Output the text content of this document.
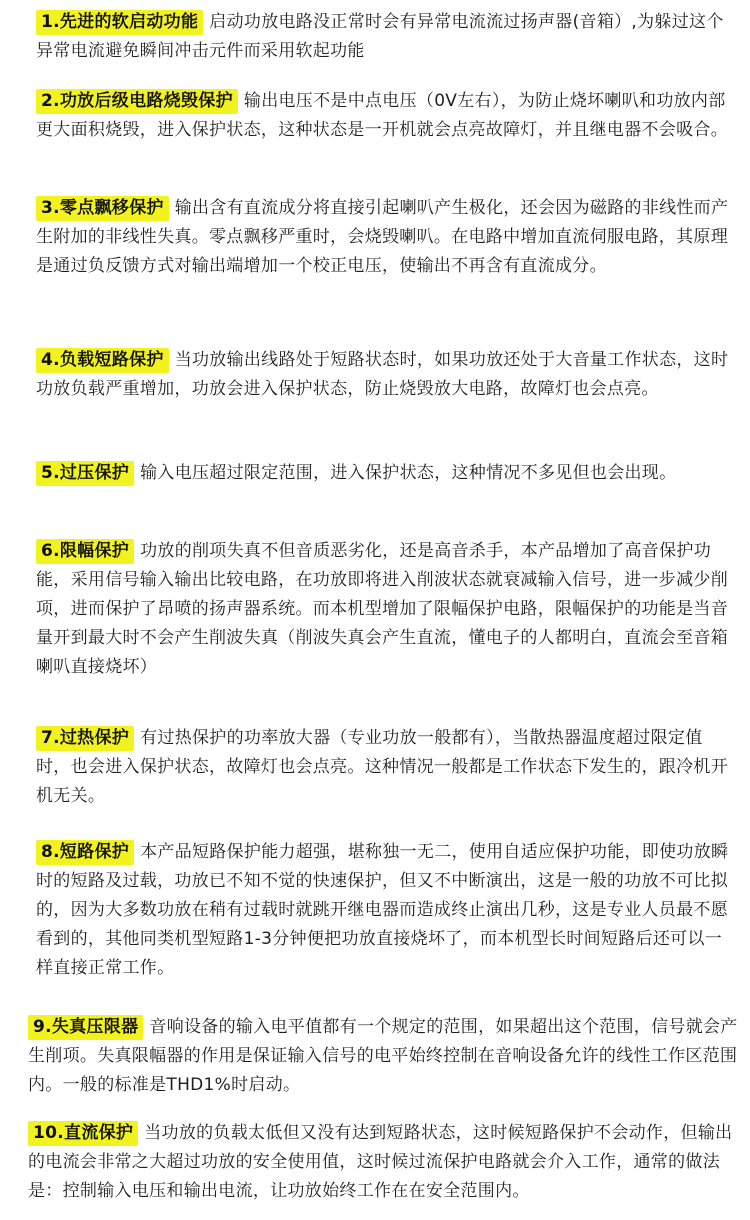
1.先进的软启动功能 启动功放电路没正常时会有异常电流流过扬声器(音箱）,为躲过这个异常电流避免瞬间冲击元件而采用软起功能

2.功放后级电路烧毁保护 输出电压不是中点电压（0V左右），为防止烧坏喇叭和功放内部更大面积烧毁，进入保护状态，这种状态是一开机就会点亮故障灯，并且继电器不会吸合。

3.零点飘移保护 输出含有直流成分将直接引起喇叭产生极化，还会因为磁路的非线性而产生附加的非线性失真。零点飘移严重时，会烧毁喇叭。在电路中增加直流伺服电路，其原理是通过负反馈方式对输出端增加一个校正电压，使输出不再含有直流成分。

4.负载短路保护 当功放输出线路处于短路状态时，如果功放还处于大音量工作状态，这时功放负载严重增加，功放会进入保护状态，防止烧毁放大电路，故障灯也会点亮。

5.过压保护 输入电压超过限定范围，进入保护状态，这种情况不多见但也会出现。

6.限幅保护 功放的削项失真不但音质恶劣化，还是高音杀手，本产品增加了高音保护功能，采用信号输入输出比较电路，在功放即将进入削波状态就衰减输入信号，进一步减少削项，进而保护了昂喷的扬声器系统。而本机型增加了限幅保护电路，限幅保护的功能是当音量开到最大时不会产生削波失真（削波失真会产生直流，懂电子的人都明白，直流会至音箱喇叭直接烧坏）

7.过热保护 有过热保护的功率放大器（专业功放一般都有），当散热器温度超过限定值时，也会进入保护状态，故障灯也会点亮。这种情况一般都是工作状态下发生的，跟冷机开机无关。

8.短路保护 本产品短路保护能力超强，堪称独一无二，使用自适应保护功能，即使功放瞬时的短路及过载，功放已不知不觉的快速保护，但又不中断演出，这是一般的功放不可比拟的，因为大多数功放在稍有过载时就跳开继电器而造成终止演出几秒，这是专业人员最不愿看到的，其他同类机型短路1-3分钟便把功放直接烧坏了，而本机型长时间短路后还可以一样直接正常工作。

9.失真压限器 音响设备的输入电平值都有一个规定的范围，如果超出这个范围，信号就会产生削项。失真限幅器的作用是保证输入信号的电平始终控制在音响设备允许的线性工作区范围内。一般的标准是THD1%时启动。

10.直流保护 当功放的负载太低但又没有达到短路状态，这时候短路保护不会动作，但输出的电流会非常之大超过功放的安全使用值，这时候过流保护电路就会介入工作，通常的做法是：控制输入电压和输出电流，让功放始终工作在在安全范围内。
